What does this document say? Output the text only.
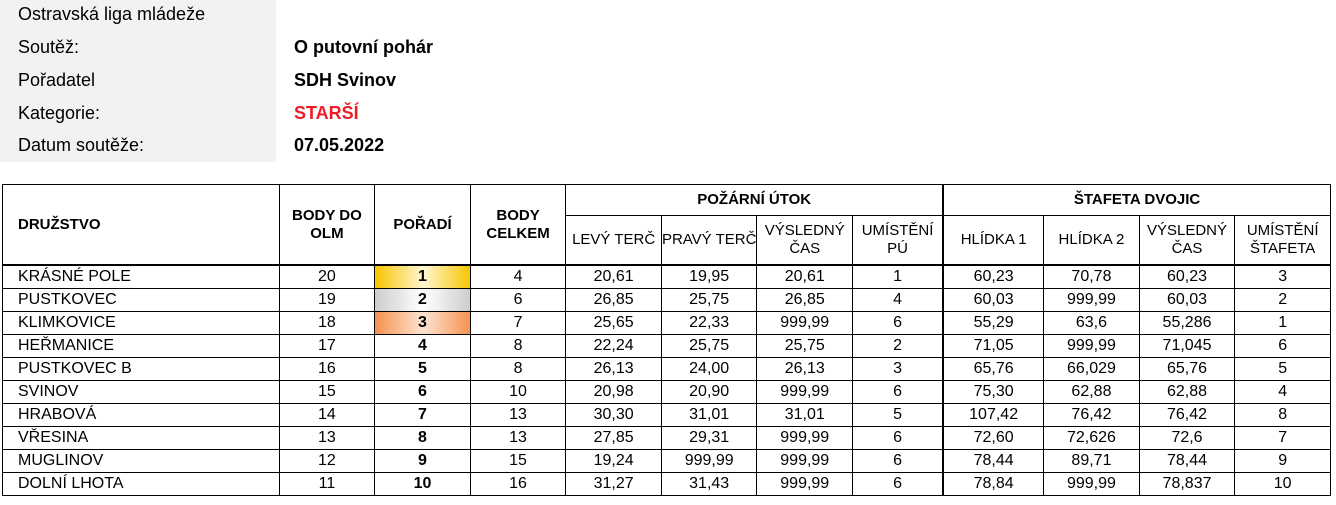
Ostravská liga mládeže
Soutěž:	O putovní pohár
Pořadatel	SDH Svinov
Kategorie:	STARŠÍ
Datum soutěže:	07.05.2022
DRUŽSTVO	BODY DO OLM	POŘADÍ	BODY CELKEM	POŽÁRNÍ ÚTOK				ŠTAFETA DVOJIC			
				LEVÝ TERČ	PRAVÝ TERČ	VÝSLEDNÝ ČAS	UMÍSTĚNÍ PÚ	HLÍDKA 1	HLÍDKA 2	VÝSLEDNÝ ČAS	UMÍSTĚNÍ ŠTAFETA
KRÁSNÉ POLE	20	1	4	20,61	19,95	20,61	1	60,23	70,78	60,23	3
PUSTKOVEC	19	2	6	26,85	25,75	26,85	4	60,03	999,99	60,03	2
KLIMKOVICE	18	3	7	25,65	22,33	999,99	6	55,29	63,6	55,286	1
HEŘMANICE	17	4	8	22,24	25,75	25,75	2	71,05	999,99	71,045	6
PUSTKOVEC B	16	5	8	26,13	24,00	26,13	3	65,76	66,029	65,76	5
SVINOV	15	6	10	20,98	20,90	999,99	6	75,30	62,88	62,88	4
HRABOVÁ	14	7	13	30,30	31,01	31,01	5	107,42	76,42	76,42	8
VŘESINA	13	8	13	27,85	29,31	999,99	6	72,60	72,626	72,6	7
MUGLINOV	12	9	15	19,24	999,99	999,99	6	78,44	89,71	78,44	9
DOLNÍ LHOTA	11	10	16	31,27	31,43	999,99	6	78,84	999,99	78,837	10
